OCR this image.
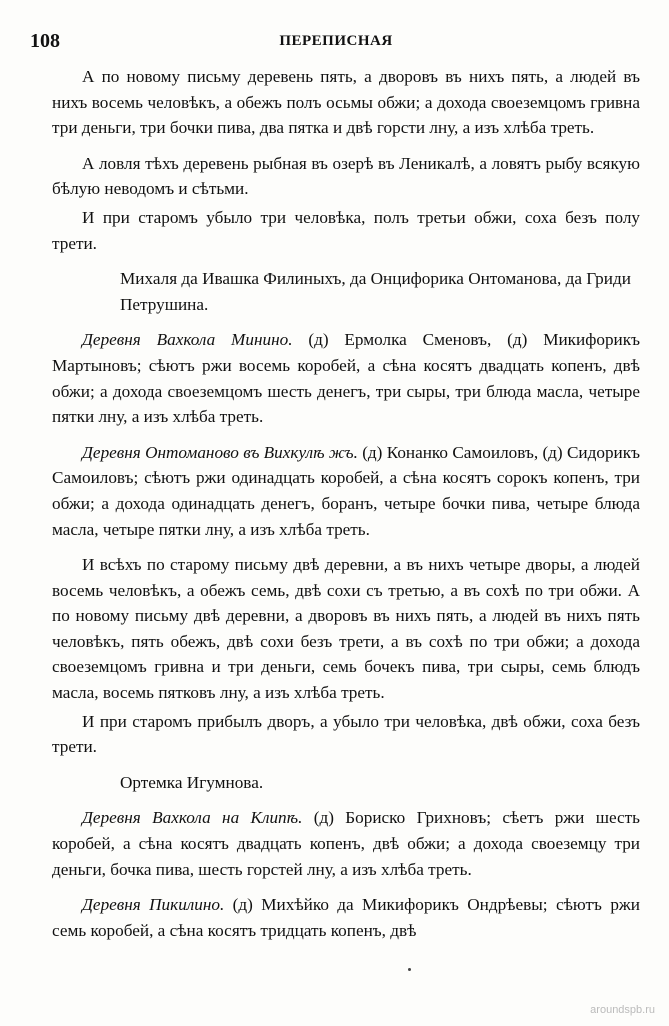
108	ПЕРЕПИСНАЯ

А по новому письму деревень пять, а дворовъ въ нихъ пять, а людей въ нихъ восемь человѣкъ, а обежъ полъ осьмы обжи; а дохода своеземцомъ гривна три деньги, три бочки пива, два пятка и двѣ горсти лну, а изъ хлѣба треть.

А ловля тѣхъ деревень рыбная въ озерѣ въ Леникалѣ, а ловятъ рыбу всякую бѣлую неводомъ и сѣтьми.

И при старомъ убыло три человѣка, полъ третьи обжи, соха безъ полу трети.

Михаля да Ивашка Филиныхъ, да Онцифорика Онтоманова, да Гриди Петрушина.

Деревня Вахкола Минино. (д) Ермолка Сменовъ, (д) Микифорикъ Мартыновъ; сѣютъ ржи восемь коробей, а сѣна косятъ двадцать копенъ, двѣ обжи; а дохода своеземцомъ шесть денегъ, три сыры, три блюда масла, четыре пятки лну, а изъ хлѣба треть.

Деревня Онтоманово въ Вихкулѣ жъ. (д) Конанко Самоиловъ, (д) Сидорикъ Самоиловъ; сѣютъ ржи одинадцать коробей, а сѣна косятъ сорокъ копенъ, три обжи; а дохода одинадцать денегъ, боранъ, четыре бочки пива, четыре блюда масла, четыре пятки лну, а изъ хлѣба треть.

И всѣхъ по старому письму двѣ деревни, а въ нихъ четыре дворы, а людей восемь человѣкъ, а обежъ семь, двѣ сохи съ третью, а въ сохѣ по три обжи. А по новому письму двѣ деревни, а дворовъ въ нихъ пять, а людей въ нихъ пять человѣкъ, пять обежъ, двѣ сохи безъ трети, а въ сохѣ по три обжи; а дохода своеземцомъ гривна и три деньги, семь бочекъ пива, три сыры, семь блюдъ масла, восемь пятковъ лну, а изъ хлѣба треть.

И при старомъ прибылъ дворъ, а убыло три человѣка, двѣ обжи, соха безъ трети.

Ортемка Игумнова.

Деревня Вахкола на Клипѣ. (д) Бориско Грихновъ; сѣетъ ржи шесть коробей, а сѣна косятъ двадцать копенъ, двѣ обжи; а дохода своеземцу три деньги, бочка пива, шесть горстей лну, а изъ хлѣба треть.

Деревня Пикилино. (д) Михѣйко да Микифорикъ Ондрѣевы; сѣютъ ржи семь коробей, а сѣна косятъ тридцать копенъ, двѣ

aroundspb.ru
